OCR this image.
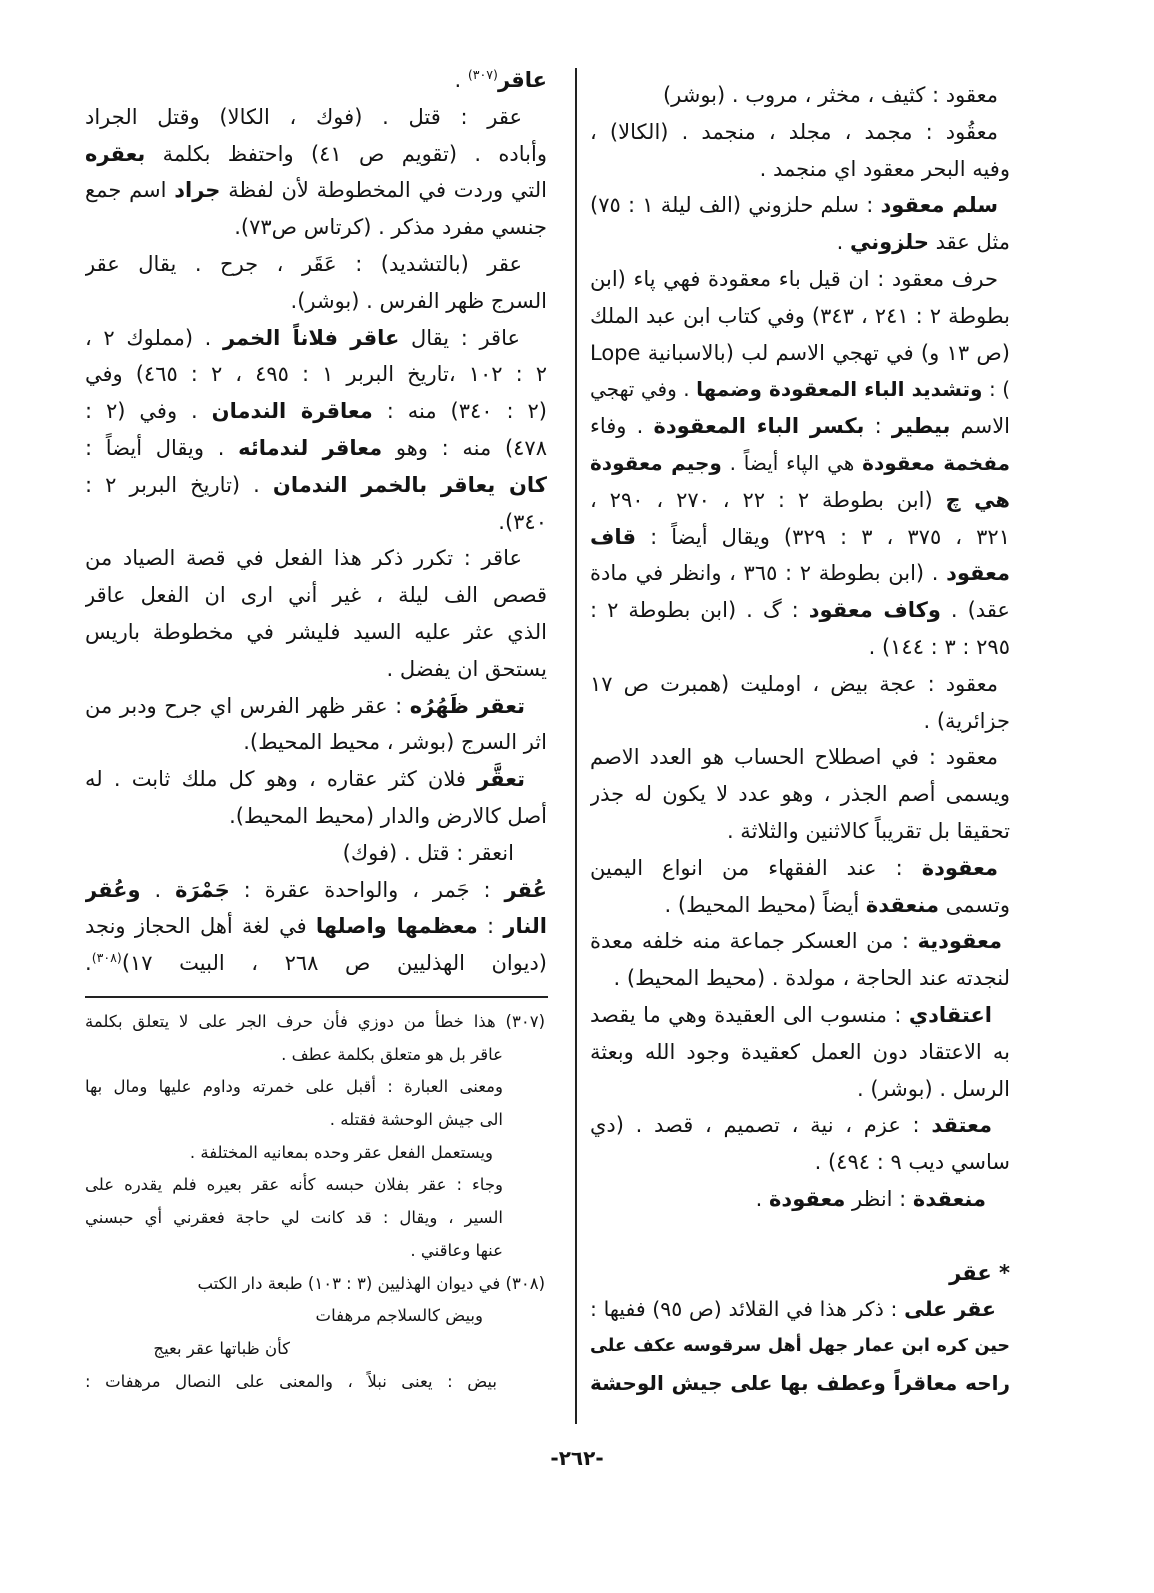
معقود : كثيف ، مخثر ، مروب . (بوشر)
معقُود : مجمد ، مجلد ، منجمد . (الكالا) ،
وفيه البحر معقود اي منجمد .
سلم معقود : سلم حلزوني (الف ليلة ١ : ٧٥)
مثل عقد حلزوني .
حرف معقود : ان قيل باء معقودة فهي پاء (ابن
بطوطة ٢ : ٢٤١ ، ٣٤٣) وفي كتاب ابن عبد الملك
(ص ١٣ و) في تهجي الاسم لب (بالاسبانية Lope
) : وتشديد الباء المعقودة وضمها . وفي تهجي
الاسم بيطير : بكسر الباء المعقودة . وفاء
مفخمة معقودة هي الپاء أيضاً . وجيم معقودة
هي چ (ابن بطوطة ٢ : ٢٢ ، ٢٧٠ ، ٢٩٠ ،
٣٢١ ، ٣٧٥ ، ٣ : ٣٢٩) ويقال أيضاً : قاف
معقود . (ابن بطوطة ٢ : ٣٦٥ ، وانظر في مادة
عقد) . وكاف معقود : گ . (ابن بطوطة ٢ :
٢٩٥ : ٣ : ١٤٤) .
معقود : عجة بيض ، اومليت (همبرت ص ١٧
جزائرية) .
معقود : في اصطلاح الحساب هو العدد الاصم
ويسمى أصم الجذر ، وهو عدد لا يكون له جذر
تحقيقا بل تقريباً كالاثنين والثلاثة .
معقودة : عند الفقهاء من انواع اليمين
وتسمى منعقدة أيضاً (محيط المحيط) .
معقودية : من العسكر جماعة منه خلفه معدة
لنجدته عند الحاجة ، مولدة . (محيط المحيط) .
اعتقادي : منسوب الى العقيدة وهي ما يقصد
به الاعتقاد دون العمل كعقيدة وجود الله وبعثة
الرسل . (بوشر) .
معتقد : عزم ، نية ، تصميم ، قصد . (دي
ساسي ديب ٩ : ٤٩٤) .
منعقدة : انظر معقودة .
* عقر
عقر على : ذكر هذا في القلائد (ص ٩٥) ففيها :
حين كره ابن عمار جهل أهل سرقوسه عكف على
راحه معاقراً وعطف بها على جيش الوحشة
عاقر$^{(٣٠٧)}$ .
عقر : قتل . (فوك ، الكالا) وقتل الجراد
وأباده . (تقويم ص ٤١) واحتفظ بكلمة بعقره
التي وردت في المخطوطة لأن لفظة جراد اسم جمع
جنسي مفرد مذكر . (كرتاس ص٧٣).
عقر (بالتشديد) : عَقَر ، جرح . يقال عقر
السرج ظهر الفرس . (بوشر).
عاقر : يقال عاقر فلاناً الخمر . (مملوك ٢ ،
٢ : ١٠٢ ،تاريخ البربر ١ : ٤٩٥ ، ٢ : ٤٦٥) وفي
(٢ : ٣٤٠) منه : معاقرة الندمان . وفي (٢ :
٤٧٨) منه : وهو معاقر لندمائه . ويقال أيضاً :
كان يعاقر بالخمر الندمان . (تاريخ البربر ٢ :
٣٤٠).
عاقر : تكرر ذكر هذا الفعل في قصة الصياد من
قصص الف ليلة ، غير أني ارى ان الفعل عاقر
الذي عثر عليه السيد فليشر في مخطوطة باريس
يستحق ان يفضل .
تعقر ظَهُرُه : عقر ظهر الفرس اي جرح ودبر من
اثر السرج (بوشر ، محيط المحيط).
تعقَّر فلان كثر عقاره ، وهو كل ملك ثابت . له
أصل كالارض والدار (محيط المحيط).
انعقر : قتل . (فوك)
عُقر : جَمر ، والواحدة عقرة : جَمْرَة . وعُقر
النار : معظمها واصلها في لغة أهل الحجاز ونجد
(ديوان الهذليين ص ٢٦٨ ، البيت ١٧)$^{(٣٠٨)}$.
(٣٠٧) هذا خطأ من دوزي فأن حرف الجر على لا يتعلق بكلمة
عاقر بل هو متعلق بكلمة عطف .
ومعنى العبارة : أقبل على خمرته وداوم عليها ومال بها
الى جيش الوحشة فقتله .
ويستعمل الفعل عقر وحده بمعانيه المختلفة .
وجاء : عقر بفلان حبسه كأنه عقر بعيره فلم يقدره على
السير ، ويقال : قد كانت لي حاجة فعقرني أي حبسني
عنها وعاقني .
(٣٠٨) في ديوان الهذليين (٣ : ١٠٣) طبعة دار الكتب
وبيض كالسلاجم مرهفات
كأن ظباتها عقر بعيج
بيض : يعنى نبلاً ، والمعنى على النصال مرهفات :
-٢٦٢-
